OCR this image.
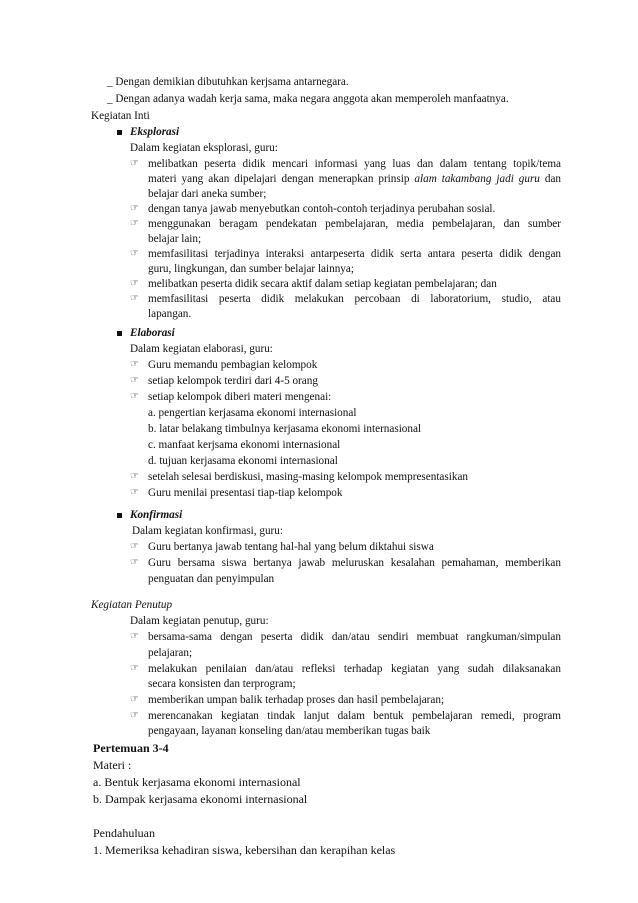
_ Dengan demikian dibutuhkan kerjsama antarnegara.
_ Dengan adanya wadah kerja sama, maka negara anggota akan memperoleh manfaatnya.
Kegiatan Inti
Eksplorasi
Dalam kegiatan eksplorasi, guru:
☞ melibatkan peserta didik mencari informasi yang luas dan dalam tentang topik/tema
materi yang akan dipelajari dengan menerapkan prinsip alam takambang jadi guru dan
belajar dari aneka sumber;
☞ dengan tanya jawab menyebutkan contoh-contoh terjadinya perubahan sosial.
☞ menggunakan beragam pendekatan pembelajaran, media pembelajaran, dan sumber
belajar lain;
☞ memfasilitasi terjadinya interaksi antarpeserta didik serta antara peserta didik dengan
guru, lingkungan, dan sumber belajar lainnya;
☞ melibatkan peserta didik secara aktif dalam setiap kegiatan pembelajaran; dan
☞ memfasilitasi peserta didik melakukan percobaan di laboratorium, studio, atau
lapangan.
Elaborasi
Dalam kegiatan elaborasi, guru:
☞ Guru memandu pembagian kelompok
☞ setiap kelompok terdiri dari 4-5 orang
☞ setiap kelompok diberi materi mengenai:
a. pengertian kerjasama ekonomi internasional
b. latar belakang timbulnya kerjasama ekonomi internasional
c. manfaat kerjsama ekonomi internasional
d. tujuan kerjasama ekonomi internasional
☞ setelah selesai berdiskusi, masing-masing kelompok mempresentasikan
☞ Guru menilai presentasi tiap-tiap kelompok
Konfirmasi
Dalam kegiatan konfirmasi, guru:
☞ Guru bertanya jawab tentang hal-hal yang belum diktahui siswa
☞ Guru bersama siswa bertanya jawab meluruskan kesalahan pemahaman, memberikan
penguatan dan penyimpulan
Kegiatan Penutup
Dalam kegiatan penutup, guru:
☞ bersama-sama dengan peserta didik dan/atau sendiri membuat rangkuman/simpulan
pelajaran;
☞ melakukan penilaian dan/atau refleksi terhadap kegiatan yang sudah dilaksanakan
secara konsisten dan terprogram;
☞ memberikan umpan balik terhadap proses dan hasil pembelajaran;
☞ merencanakan kegiatan tindak lanjut dalam bentuk pembelajaran remedi, program
pengayaan, layanan konseling dan/atau memberikan tugas baik
Pertemuan 3-4
Materi :
a. Bentuk kerjasama ekonomi internasional
b. Dampak kerjasama ekonomi internasional
Pendahuluan
1. Memeriksa kehadiran siswa, kebersihan dan kerapihan kelas
